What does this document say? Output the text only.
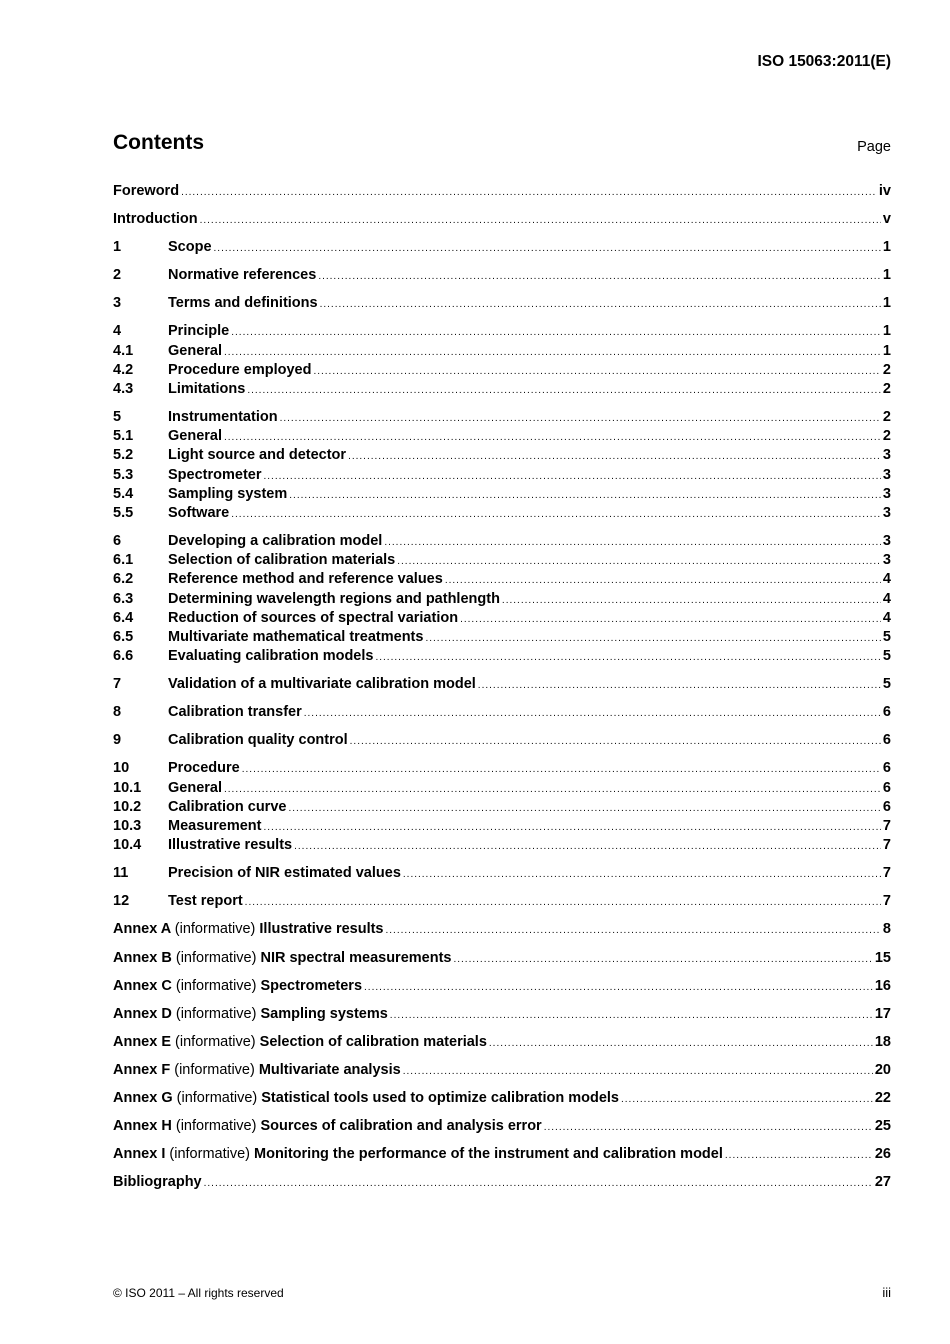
ISO 15063:2011(E)
Contents	Page
Foreword .....	iv
Introduction .....	v
1	Scope .....	1
2	Normative references .....	1
3	Terms and definitions .....	1
4	Principle .....	1
4.1	General .....	1
4.2	Procedure employed .....	2
4.3	Limitations .....	2
5	Instrumentation .....	2
5.1	General .....	2
5.2	Light source and detector .....	3
5.3	Spectrometer .....	3
5.4	Sampling system .....	3
5.5	Software .....	3
6	Developing a calibration model .....	3
6.1	Selection of calibration materials .....	3
6.2	Reference method and reference values .....	4
6.3	Determining wavelength regions and pathlength .....	4
6.4	Reduction of sources of spectral variation .....	4
6.5	Multivariate mathematical treatments .....	5
6.6	Evaluating calibration models .....	5
7	Validation of a multivariate calibration model .....	5
8	Calibration transfer .....	6
9	Calibration quality control .....	6
10	Procedure .....	6
10.1	General .....	6
10.2	Calibration curve .....	6
10.3	Measurement .....	7
10.4	Illustrative results .....	7
11	Precision of NIR estimated values .....	7
12	Test report .....	7
Annex A (informative) Illustrative results .....	8
Annex B (informative) NIR spectral measurements .....	15
Annex C (informative) Spectrometers .....	16
Annex D (informative) Sampling systems .....	17
Annex E (informative) Selection of calibration materials .....	18
Annex F (informative) Multivariate analysis .....	20
Annex G (informative) Statistical tools used to optimize calibration models .....	22
Annex H (informative) Sources of calibration and analysis error .....	25
Annex I (informative) Monitoring the performance of the instrument and calibration model .....	26
Bibliography .....	27
© ISO 2011 – All rights reserved	iii
